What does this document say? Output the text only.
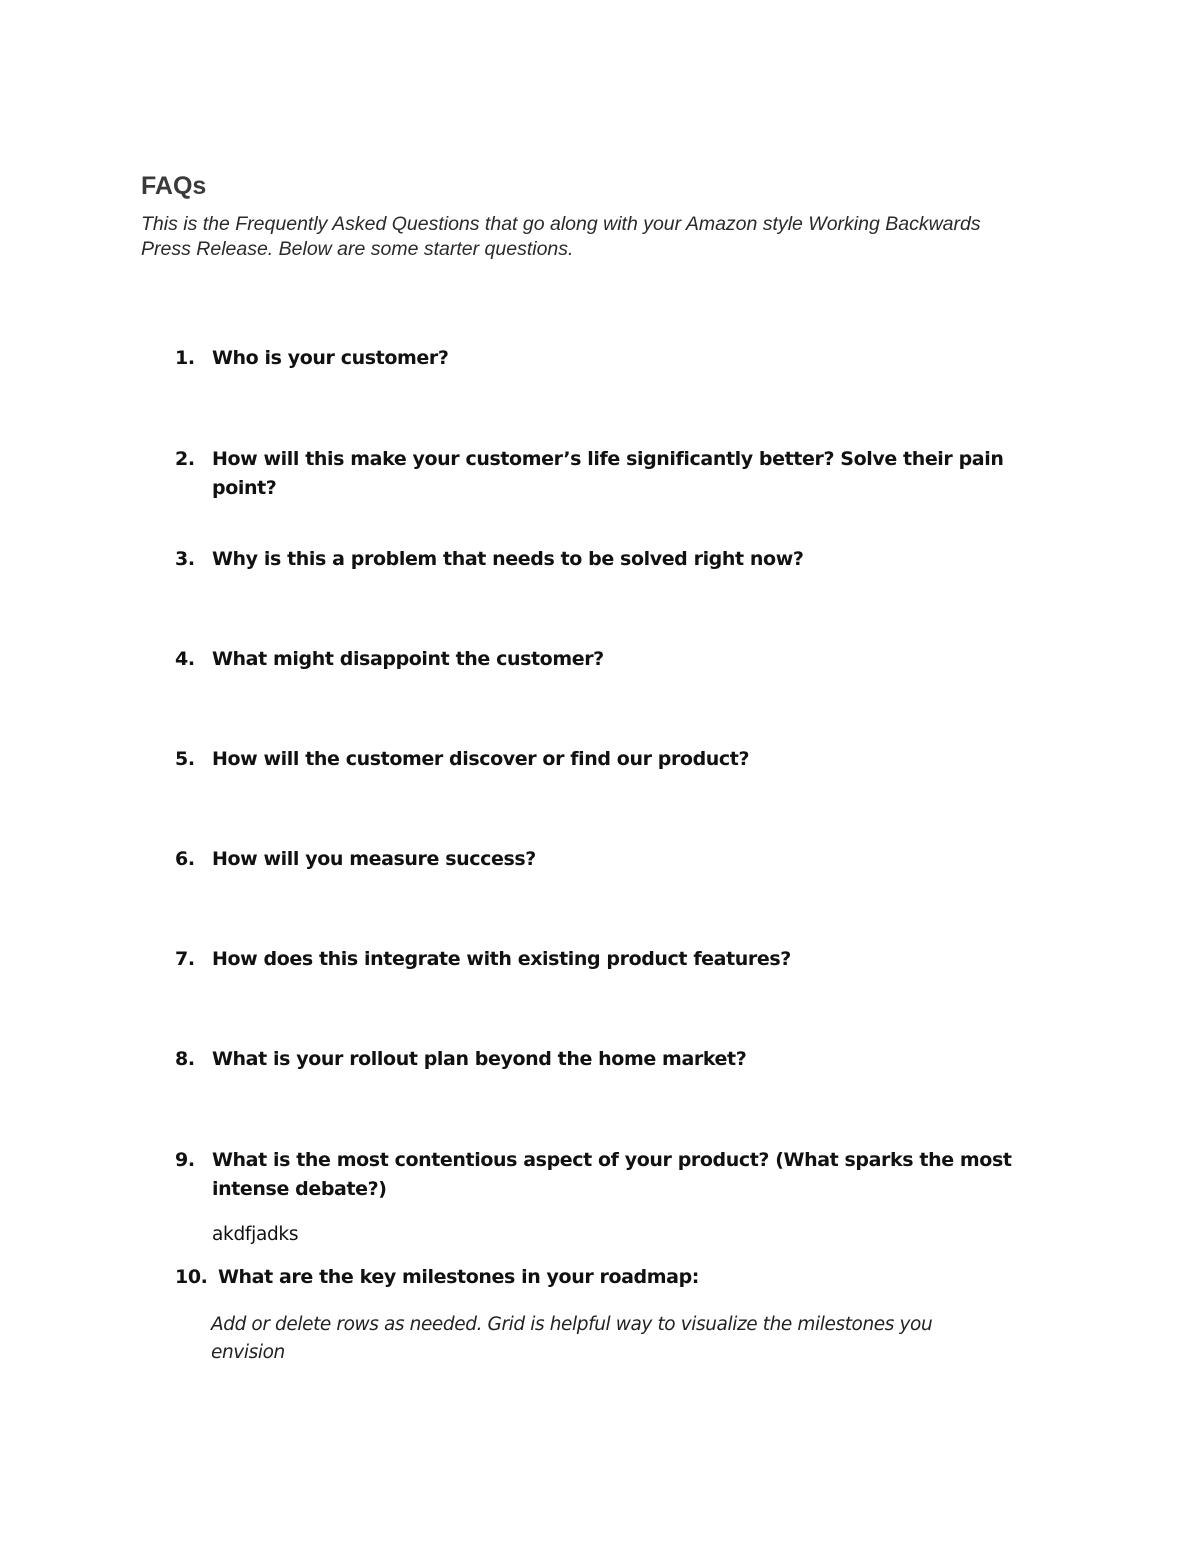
FAQs

This is the Frequently Asked Questions that go along with your Amazon style Working Backwards Press Release. Below are some starter questions.

1. Who is your customer?
2. How will this make your customer’s life significantly better? Solve their pain point?
3. Why is this a problem that needs to be solved right now?
4. What might disappoint the customer?
5. How will the customer discover or find our product?
6. How will you measure success?
7. How does this integrate with existing product features?
8. What is your rollout plan beyond the home market?
9. What is the most contentious aspect of your product? (What sparks the most intense debate?)
akdfjadks
10. What are the key milestones in your roadmap:
Add or delete rows as needed. Grid is helpful way to visualize the milestones you envision
